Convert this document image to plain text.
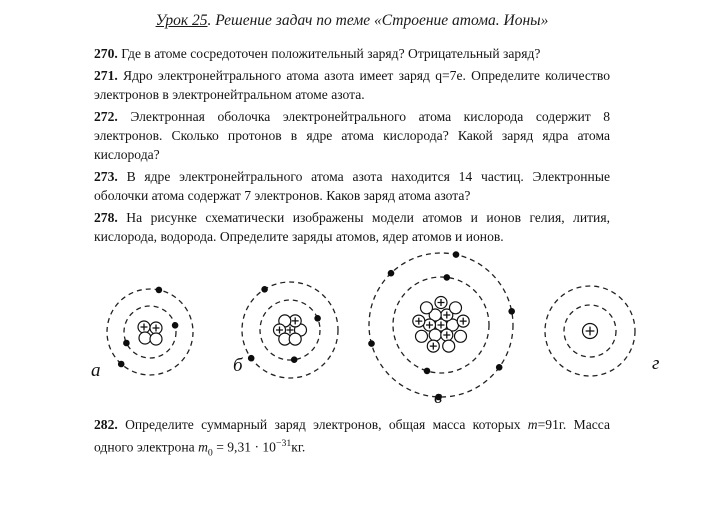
Урок 25. Решение задач по теме «Строение атома. Ионы»

270. Где в атоме сосредоточен положительный заряд? Отрицательный заряд?

271. Ядро электронейтрального атома азота имеет заряд q=7e. Определите количество электронов в электронейтральном атоме азота.

272. Электронная оболочка электронейтрального атома кислорода содержит 8 электронов. Сколько протонов в ядре атома кислорода? Какой заряд ядра атома кислорода?

273. В ядре электронейтрального атома азота находится 14 частиц. Электронные оболочки атома содержат 7 электронов. Каков заряд атома азота?

278. На рисунке схематически изображены модели атомов и ионов гелия, лития, кислорода, водорода. Определите заряды атомов, ядер атомов и ионов.

а	б
в
г

282. Определите суммарный заряд электронов, общая масса которых m=91г. Масса одного электрона $m_0 = 9,31 \cdot 10^{-31}кг$.
